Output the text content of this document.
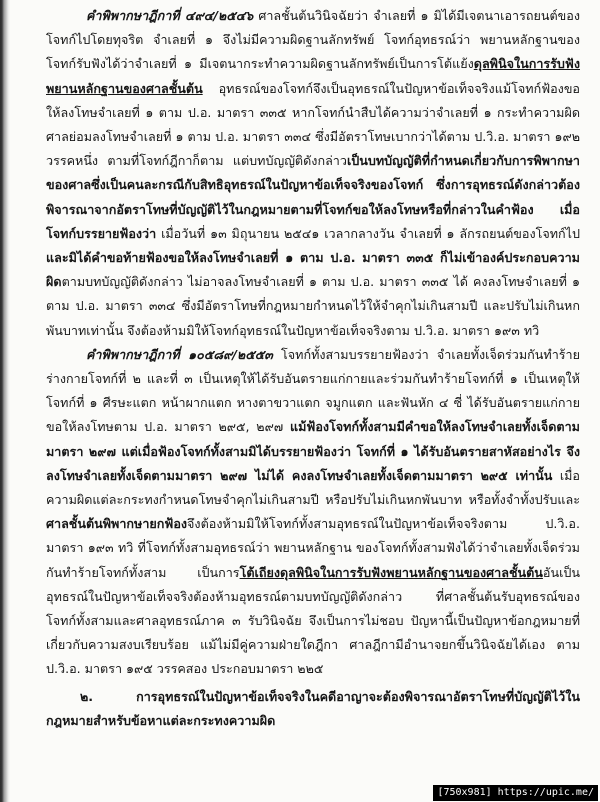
คำพิพากษาฎีกาที่ ๔๙๔/๒๕๔๖ ศาลชั้นต้นวินิจฉัยว่า จำเลยที่ ๑ มิได้มีเจตนาเอารถยนต์ของโจทก์ไปโดยทุจริต จำเลยที่ ๑ จึงไม่มีความผิดฐานลักทรัพย์ โจทก์อุทธรณ์ว่า พยานหลักฐานของโจทก์รับฟังได้ว่าจำเลยที่ ๑ มีเจตนากระทำความผิดฐานลักทรัพย์เป็นการโต้แย้งดุลพินิจในการรับฟังพยานหลักฐานของศาลชั้นต้น อุทธรณ์ของโจทก์จึงเป็นอุทธรณ์ในปัญหาข้อเท็จจริงแม้โจทก์ฟ้องขอให้ลงโทษจำเลยที่ ๑ ตาม ป.อ. มาตรา ๓๓๕ หากโจทก์นำสืบได้ความว่าจำเลยที่ ๑ กระทำความผิด ศาลย่อมลงโทษจำเลยที่ ๑ ตาม ป.อ. มาตรา ๓๓๔ ซึ่งมีอัตราโทษเบากว่าได้ตาม ป.วิ.อ. มาตรา ๑๙๒ วรรคหนึ่ง ตามที่โจทก์ฎีกาก็ตาม แต่บทบัญญัติดังกล่าวเป็นบทบัญญัติที่กำหนดเกี่ยวกับการพิพากษาของศาลซึ่งเป็นคนละกรณีกับสิทธิอุทธรณ์ในปัญหาข้อเท็จจริงของโจทก์ ซึ่งการอุทธรณ์ดังกล่าวต้องพิจารณาจากอัตราโทษที่บัญญัติไว้ในกฎหมายตามที่โจทก์ขอให้ลงโทษหรือที่กล่าวในคำฟ้อง เมื่อโจทก์บรรยายฟ้องว่า เมื่อวันที่ ๑๓ มิถุนายน ๒๕๔๑ เวลากลางวัน จำเลยที่ ๑ ลักรถยนต์ของโจทก์ไป และมิได้คำขอท้ายฟ้องขอให้ลงโทษจำเลยที่ ๑ ตาม ป.อ. มาตรา ๓๓๕ ก็ไม่เข้าองค์ประกอบความผิดตามบทบัญญัติดังกล่าว ไม่อาจลงโทษจำเลยที่ ๑ ตาม ป.อ. มาตรา ๓๓๕ ได้ คงลงโทษจำเลยที่ ๑ ตาม ป.อ. มาตรา ๓๓๔ ซึ่งมีอัตราโทษที่กฎหมายกำหนดไว้ให้จำคุกไม่เกินสามปี และปรับไม่เกินหกพันบาทเท่านั้น จึงต้องห้ามมิให้โจทก์อุทธรณ์ในปัญหาข้อเท็จจริงตาม ป.วิ.อ. มาตรา ๑๙๓ ทวิ

คำพิพากษาฎีกาที่ ๑๐๕๘๙/๒๕๕๓ โจทก์ทั้งสามบรรยายฟ้องว่า จำเลยทั้งเจ็ดร่วมกันทำร้ายร่างกายโจทก์ที่ ๒ และที่ ๓ เป็นเหตุให้ได้รับอันตรายแก่กายและร่วมกันทำร้ายโจทก์ที่ ๑ เป็นเหตุให้โจทก์ที่ ๑ ศีรษะแตก หน้าผากแตก หางตาขวาแตก จมูกแตก และฟันหัก ๔ ซี่ ได้รับอันตรายแก่กาย ขอให้ลงโทษตาม ป.อ. มาตรา ๒๙๕, ๒๙๗ แม้ฟ้องโจทก์ทั้งสามมีคำขอให้ลงโทษจำเลยทั้งเจ็ดตามมาตรา ๒๙๗ แต่เมื่อฟ้องโจทก์ทั้งสามมิได้บรรยายฟ้องว่า โจทก์ที่ ๑ ได้รับอันตรายสาหัสอย่างไร จึงลงโทษจำเลยทั้งเจ็ดตามมาตรา ๒๙๗ ไม่ได้ คงลงโทษจำเลยทั้งเจ็ดตามมาตรา ๒๙๕ เท่านั้น เมื่อความผิดแต่ละกระทงกำหนดโทษจำคุกไม่เกินสามปี หรือปรับไม่เกินหกพันบาท หรือทั้งจำทั้งปรับและศาลชั้นต้นพิพากษายกฟ้องจึงต้องห้ามมิให้โจทก์ทั้งสามอุทธรณ์ในปัญหาข้อเท็จจริงตาม ป.วิ.อ. มาตรา ๑๙๓ ทวิ ที่โจทก์ทั้งสามอุทธรณ์ว่า พยานหลักฐาน ของโจทก์ทั้งสามฟังได้ว่าจำเลยทั้งเจ็ดร่วมกันทำร้ายโจทก์ทั้งสาม เป็นการโต้เถียงดุลพินิจในการรับฟังพยานหลักฐานของศาลชั้นต้นอันเป็นอุทธรณ์ในปัญหาข้อเท็จจริงต้องห้ามอุทธรณ์ตามบทบัญญัติดังกล่าว ที่ศาลชั้นต้นรับอุทธรณ์ของโจทก์ทั้งสามและศาลอุทธรณ์ภาค ๓ รับวินิจฉัย จึงเป็นการไม่ชอบ ปัญหานี้เป็นปัญหาข้อกฎหมายที่เกี่ยวกับความสงบเรียบร้อย แม้ไม่มีคู่ความฝ่ายใดฎีกา ศาลฎีกามีอำนาจยกขึ้นวินิจฉัยได้เอง ตาม ป.วิ.อ. มาตรา ๑๙๕ วรรคสอง ประกอบมาตรา ๒๒๕

๒. การอุทธรณ์ในปัญหาข้อเท็จจริงในคดีอาญาจะต้องพิจารณาอัตราโทษที่บัญญัติไว้ในกฎหมายสำหรับข้อหาแต่ละกระทงความผิด

[750x981] https://upic.me/
